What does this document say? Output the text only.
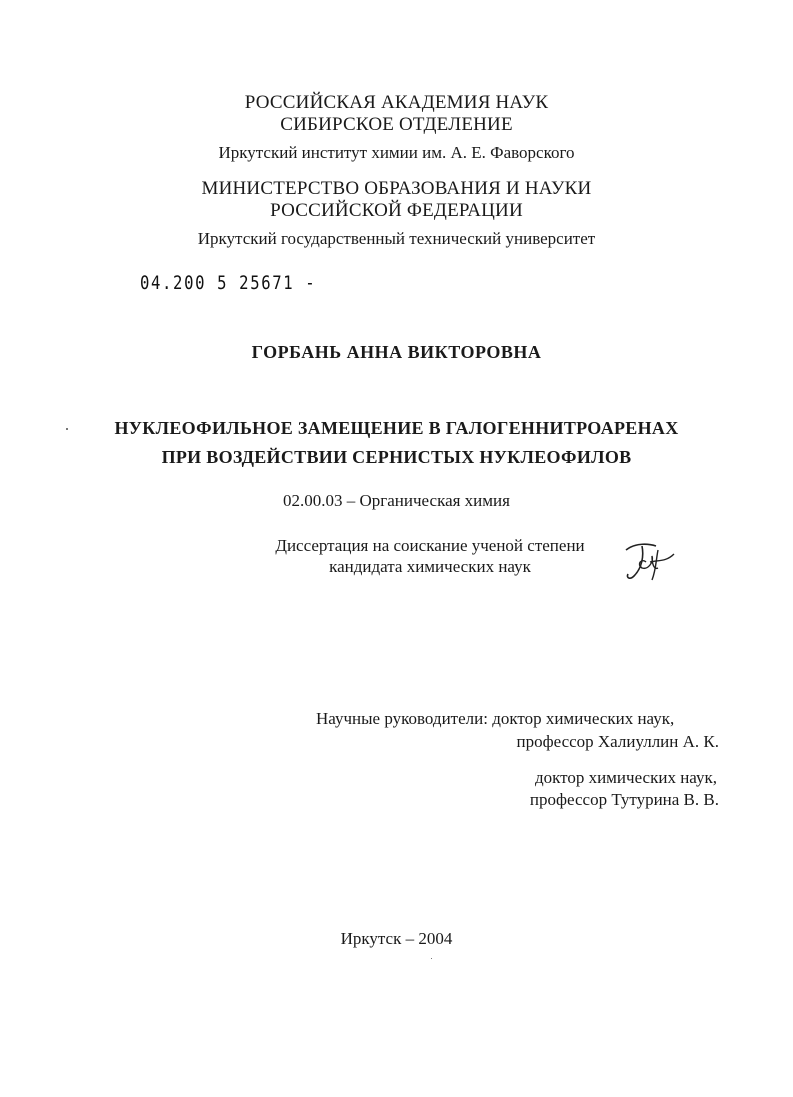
РОССИЙСКАЯ АКАДЕМИЯ НАУК
СИБИРСКОЕ ОТДЕЛЕНИЕ
Иркутский институт химии им. А. Е. Фаворского
МИНИСТЕРСТВО ОБРАЗОВАНИЯ И НАУКИ
РОССИЙСКОЙ ФЕДЕРАЦИИ
Иркутский государственный технический университет
04.200 5 25671 -
ГОРБАНЬ АННА ВИКТОРОВНА
НУКЛЕОФИЛЬНОЕ ЗАМЕЩЕНИЕ В ГАЛОГЕННИТРОАРЕНАХ
ПРИ ВОЗДЕЙСТВИИ СЕРНИСТЫХ НУКЛЕОФИЛОВ
02.00.03 – Органическая химия
Диссертация на соискание ученой степени
кандидата химических наук
Научные руководители: доктор химических наук,
профессор Халиуллин А. К.
доктор химических наук,
профессор Тутурина В. В.
Иркутск – 2004
